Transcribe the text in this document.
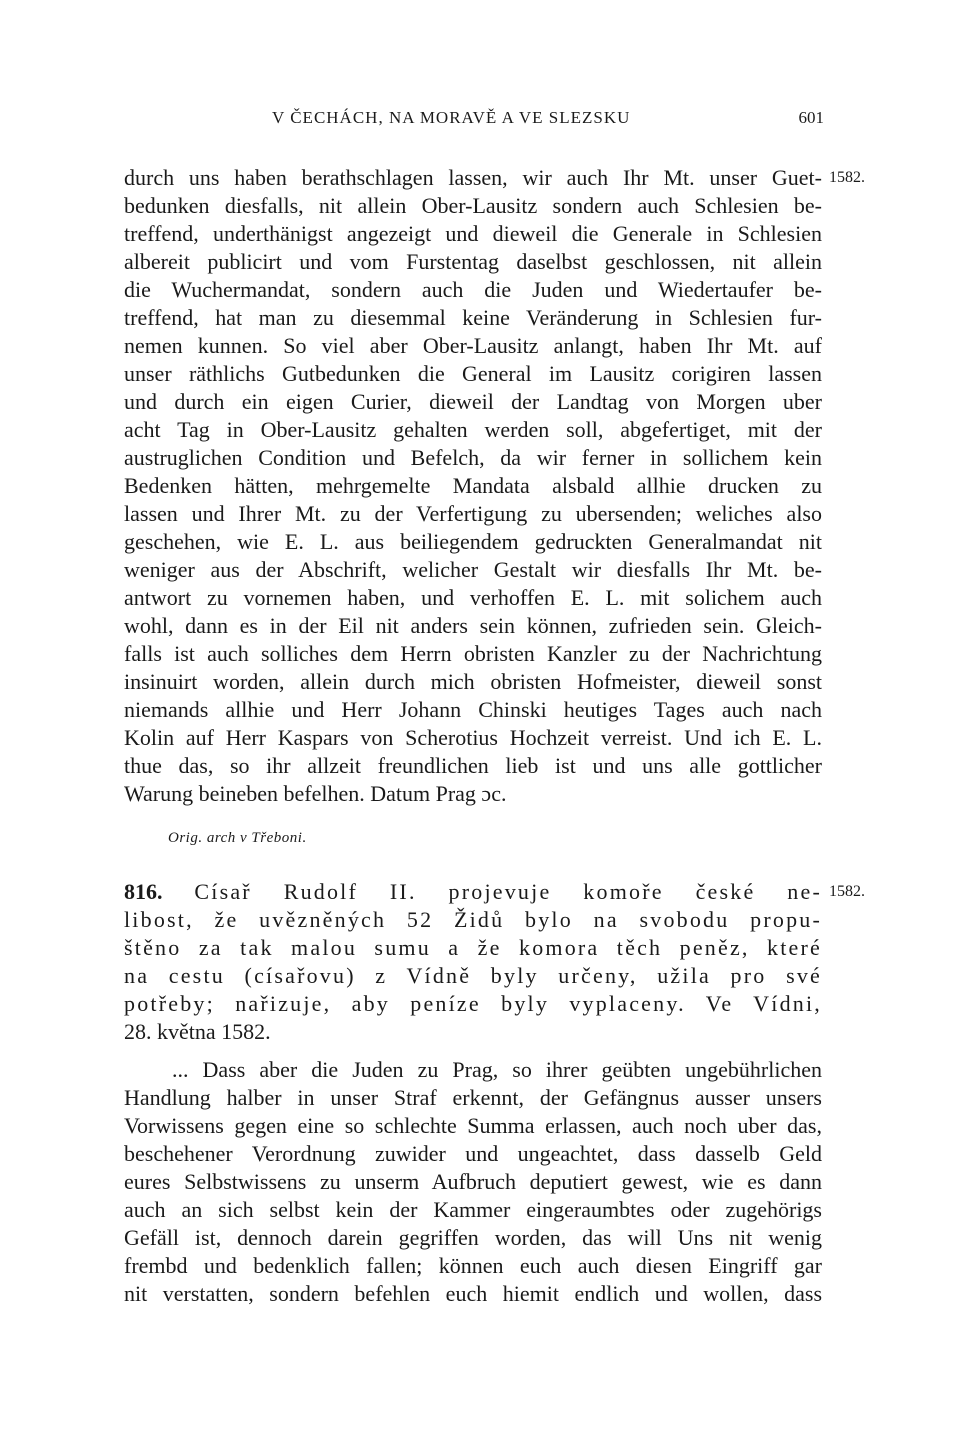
V ČECHÁCH, NA MORAVĚ A VE SLEZSKU	601
durch uns haben berathschlagen lassen, wir auch Ihr Mt. unser Guet-
bedunken diesfalls, nit allein Ober-Lausitz sondern auch Schlesien be-
treffend, underthänigst angezeigt und dieweil die Generale in Schlesien
albereit publicirt und vom Furstentag daselbst geschlossen, nit allein
die Wuchermandat, sondern auch die Juden und Wiedertaufer be-
treffend, hat man zu diesemmal keine Veränderung in Schlesien fur-
nemen kunnen. So viel aber Ober-Lausitz anlangt, haben Ihr Mt. auf
unser räthlichs Gutbedunken die General im Lausitz corigiren lassen
und durch ein eigen Curier, dieweil der Landtag von Morgen uber
acht Tag in Ober-Lausitz gehalten werden soll, abgefertiget, mit der
austruglichen Condition und Befelch, da wir ferner in sollichem kein
Bedenken hätten, mehrgemelte Mandata alsbald allhie drucken zu
lassen und Ihrer Mt. zu der Verfertigung zu ubersenden; weliches also
geschehen, wie E. L. aus beiliegendem gedruckten Generalmandat nit
weniger aus der Abschrift, welicher Gestalt wir diesfalls Ihr Mt. be-
antwort zu vornemen haben, und verhoffen E. L. mit solichem auch
wohl, dann es in der Eil nit anders sein können, zufrieden sein. Gleich-
falls ist auch solliches dem Herrn obristen Kanzler zu der Nachrichtung
insinuirt worden, allein durch mich obristen Hofmeister, dieweil sonst
niemands allhie und Herr Johann Chinski heutiges Tages auch nach
Kolin auf Herr Kaspars von Scherotius Hochzeit verreist. Und ich E. L.
thue das, so ihr allzeit freundlichen lieb ist und uns alle gottlicher
Warung beineben befelhen. Datum Prag ɔc.
1582.
Orig. arch v Třeboni.
816. Císař Rudolf II. projevuje komoře české ne-
libost, že uvězněných 52 Židů bylo na svobodu propu-
štěno za tak malou sumu a že komora těch peněz, které
na cestu (císařovu) z Vídně byly určeny, užila pro své
potřeby; nařizuje, aby peníze byly vyplaceny. Ve Vídni,
28. května 1582.
1582.
... Dass aber die Juden zu Prag, so ihrer geübten ungebührlichen
Handlung halber in unser Straf erkennt, der Gefängnus ausser unsers
Vorwissens gegen eine so schlechte Summa erlassen, auch noch uber das,
beschehener Verordnung zuwider und ungeachtet, dass dasselb Geld
eures Selbstwissens zu unserm Aufbruch deputiert gewest, wie es dann
auch an sich selbst kein der Kammer eingeraumbtes oder zugehörigs
Gefäll ist, dennoch darein gegriffen worden, das will Uns nit wenig
frembd und bedenklich fallen; können euch auch diesen Eingriff gar
nit verstatten, sondern befehlen euch hiemit endlich und wollen, dass
